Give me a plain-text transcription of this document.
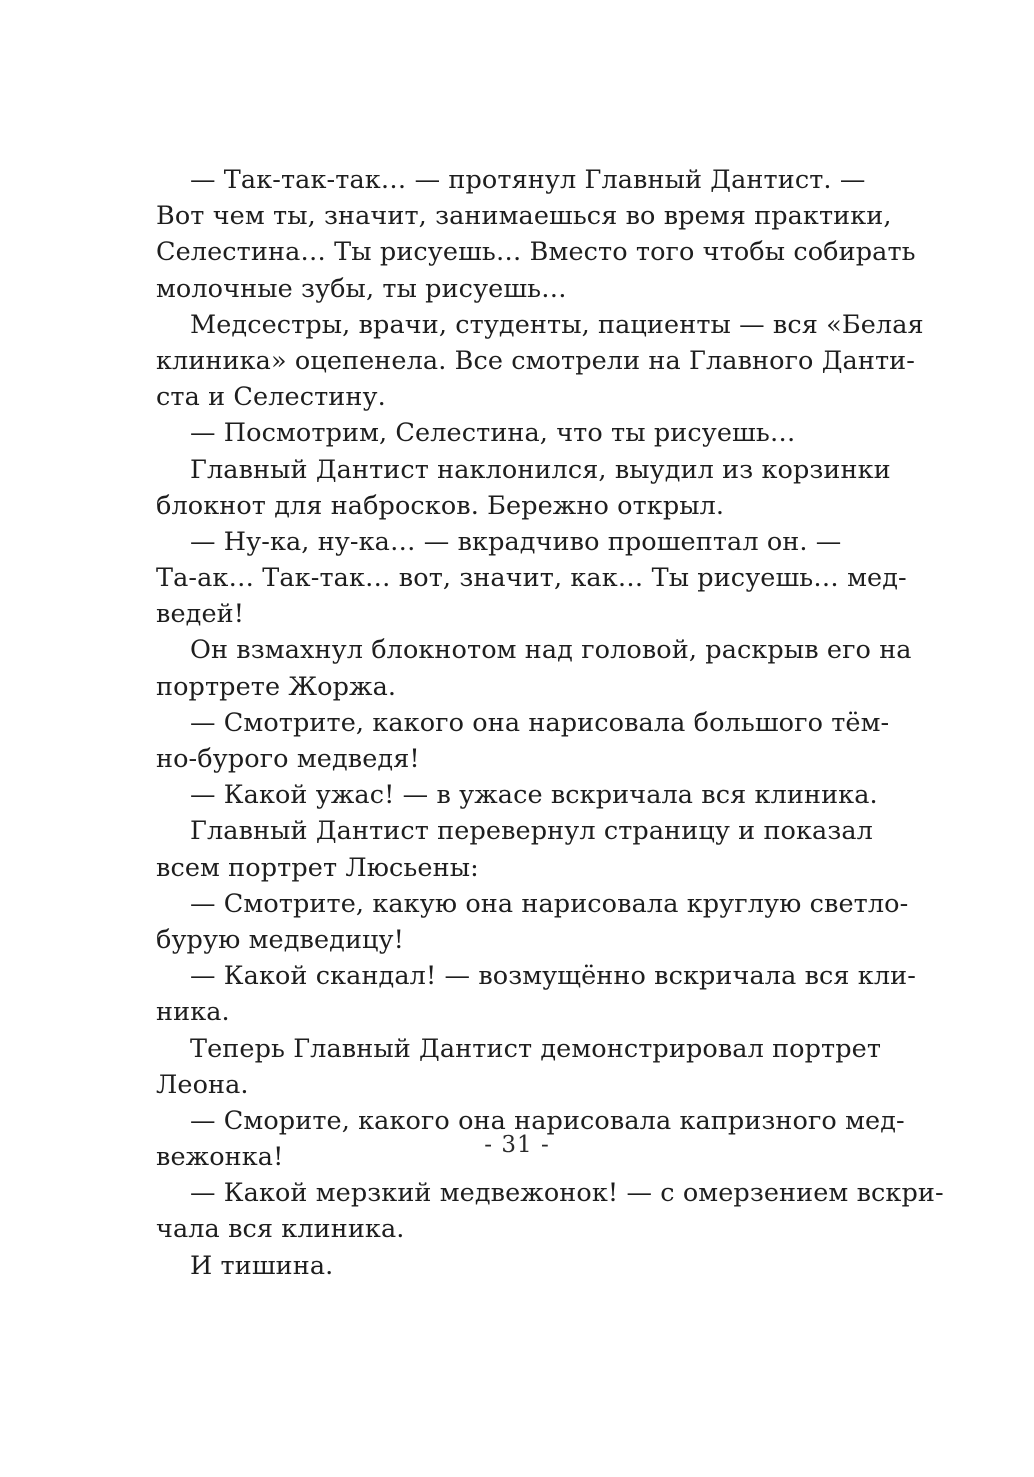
— Так-так-так… — протянул Главный Дантист. —
Вот чем ты, значит, занимаешься во время практики,
Селестина… Ты рисуешь… Вместо того чтобы собирать
молочные зубы, ты рисуешь…
Медсестры, врачи, студенты, пациенты — вся «Белая
клиника» оцепенела. Все смотрели на Главного Данти-
ста и Селестину.
— Посмотрим, Селестина, что ты рисуешь…
Главный Дантист наклонился, выудил из корзинки
блокнот для набросков. Бережно открыл.
— Ну-ка, ну-ка… — вкрадчиво прошептал он. —
Та-ак… Так-так… вот, значит, как… Ты рисуешь… мед-
ведей!
Он взмахнул блокнотом над головой, раскрыв его на
портрете Жоржа.
— Смотрите, какого она нарисовала большого тём-
но-бурого медведя!
— Какой ужас! — в ужасе вскричала вся клиника.
Главный Дантист перевернул страницу и показал
всем портрет Люсьены:
— Смотрите, какую она нарисовала круглую светло-
бурую медведицу!
— Какой скандал! — возмущённо вскричала вся кли-
ника.
Теперь Главный Дантист демонстрировал портрет
Леона.
— Сморите, какого она нарисовала капризного мед-
вежонка!
— Какой мерзкий медвежонок! — с омерзением вскри-
чала вся клиника.
И тишина.
- 31 -
